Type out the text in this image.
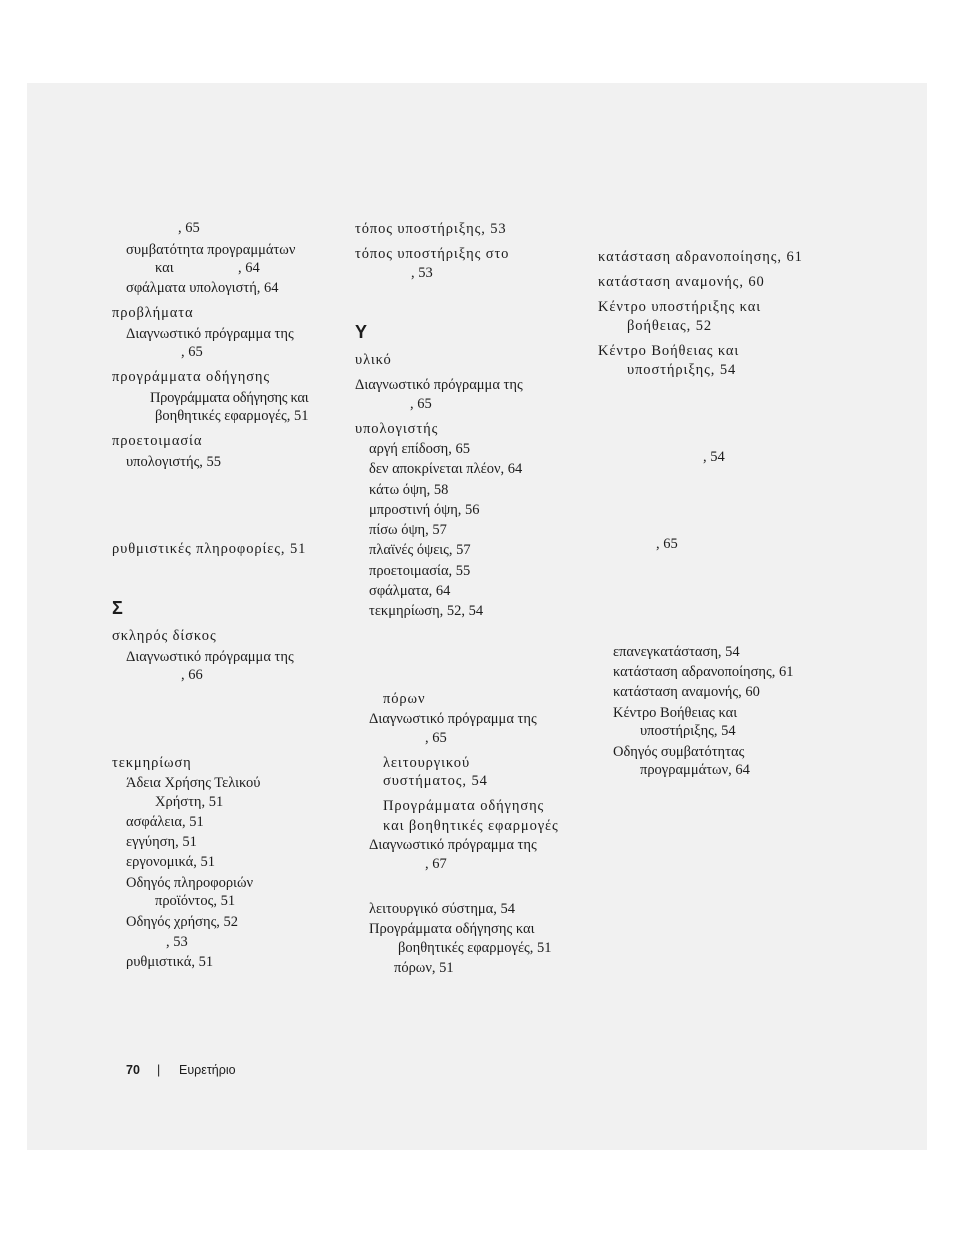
, 65
συμβατότητα προγραμμάτων
και	, 64
σφάλματα υπολογιστή, 64
προβλήματα
Διαγνωστικό πρόγραμμα της
, 65
προγράμματα οδήγησης
Προγράμματα οδήγησης και
βοηθητικές εφαρμογές, 51
προετοιμασία
υπολογιστής, 55
ρυθμιστικές πληροφορίες, 51
Σ
σκληρός δίσκος
Διαγνωστικό πρόγραμμα της
, 66
τεκμηρίωση
Άδεια Χρήσης Τελικού
Χρήστη, 51
ασφάλεια, 51
εγγύηση, 51
εργονομικά, 51
Οδηγός πληροφοριών
προϊόντος, 51
Οδηγός χρήσης, 52
, 53
ρυθμιστικά, 51
τόπος υποστήριξης, 53
τόπος υποστήριξης στο
, 53
Υ
υλικό
Διαγνωστικό πρόγραμμα της
, 65
υπολογιστής
αργή επίδοση, 65
δεν αποκρίνεται πλέον, 64
κάτω όψη, 58
μπροστινή όψη, 56
πίσω όψη, 57
πλαϊνές όψεις, 57
προετοιμασία, 55
σφάλματα, 64
τεκμηρίωση, 52, 54
πόρων
Διαγνωστικό πρόγραμμα της
, 65
λειτουργικού
συστήματος, 54
Προγράμματα οδήγησης
και βοηθητικές εφαρμογές
Διαγνωστικό πρόγραμμα της
, 67
λειτουργικό σύστημα, 54
Προγράμματα οδήγησης και
βοηθητικές εφαρμογές, 51
πόρων, 51
κατάσταση αδρανοποίησης, 61
κατάσταση αναμονής, 60
Κέντρο υποστήριξης και
βοήθειας, 52
Κέντρο Βοήθειας και
υποστήριξης, 54
, 54
, 65
επανεγκατάσταση, 54
κατάσταση αδρανοποίησης, 61
κατάσταση αναμονής, 60
Κέντρο Βοήθειας και
υποστήριξης, 54
Οδηγός συμβατότητας
προγραμμάτων, 64
70 | Ευρετήριο
